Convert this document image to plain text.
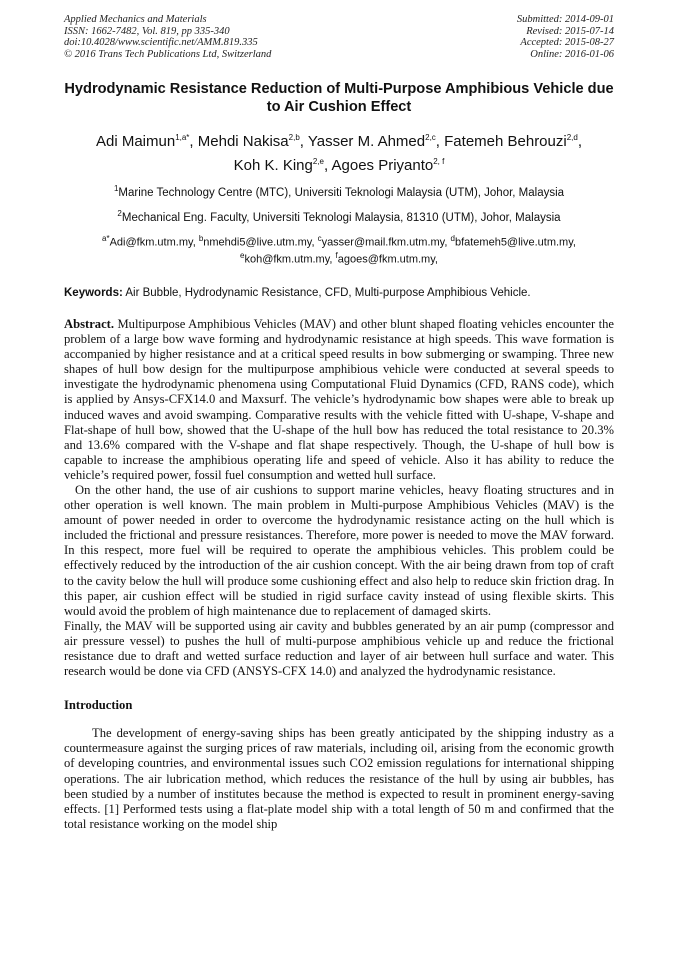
Applied Mechanics and Materials
ISSN: 1662-7482, Vol. 819, pp 335-340
doi:10.4028/www.scientific.net/AMM.819.335
© 2016 Trans Tech Publications Ltd, Switzerland
Submitted: 2014-09-01
Revised: 2015-07-14
Accepted: 2015-08-27
Online: 2016-01-06
Hydrodynamic Resistance Reduction of Multi-Purpose Amphibious Vehicle due to Air Cushion Effect
Adi Maimun$^{1,a*}$, Mehdi Nakisa$^{2,b}$, Yasser M. Ahmed$^{2,c}$, Fatemeh Behrouzi$^{2,d}$,
Koh K. King$^{2,e}$, Agoes Priyanto$^{2, f}$
$^1$Marine Technology Centre (MTC), Universiti Teknologi Malaysia (UTM), Johor, Malaysia
$^2$Mechanical Eng. Faculty, Universiti Teknologi Malaysia, 81310 (UTM), Johor, Malaysia
$^{a*}$Adi@fkm.utm.my, $^b$nmehdi5@live.utm.my, $^c$yasser@mail.fkm.utm.my, $^d$bfatemeh5@live.utm.my,
$^e$koh@fkm.utm.my, $^f$agoes@fkm.utm.my,
Keywords: Air Bubble, Hydrodynamic Resistance, CFD, Multi-purpose Amphibious Vehicle.

Abstract. Multipurpose Amphibious Vehicles (MAV) and other blunt shaped floating vehicles encounter the problem of a large bow wave forming and hydrodynamic resistance at high speeds. This wave formation is accompanied by higher resistance and at a critical speed results in bow submerging or swamping. Three new shapes of hull bow design for the multipurpose amphibious vehicle were conducted at several speeds to investigate the hydrodynamic phenomena using Computational Fluid Dynamics (CFD, RANS code), which is applied by Ansys-CFX14.0 and Maxsurf. The vehicle’s hydrodynamic bow shapes were able to break up induced waves and avoid swamping. Comparative results with the vehicle fitted with U-shape, V-shape and Flat-shape of hull bow, showed that the U-shape of the hull bow has reduced the total resistance to 20.3% and 13.6% compared with the V-shape and flat shape respectively. Though, the U-shape of hull bow is capable to increase the amphibious operating life and speed of vehicle. Also it has ability to reduce the vehicle’s required power, fossil fuel consumption and wetted hull surface.

On the other hand, the use of air cushions to support marine vehicles, heavy floating structures and in other operation is well known. The main problem in Multi-purpose Amphibious Vehicles (MAV) is the amount of power needed in order to overcome the hydrodynamic resistance acting on the hull which is included the frictional and pressure resistances. Therefore, more power is needed to move the MAV forward. In this respect, more fuel will be required to operate the amphibious vehicles. This problem could be effectively reduced by the introduction of the air cushion concept. With the air being drawn from top of craft to the cavity below the hull will produce some cushioning effect and also help to reduce skin friction drag. In this paper, air cushion effect will be studied in rigid surface cavity instead of using flexible skirts. This would avoid the problem of high maintenance due to replacement of damaged skirts.

Finally, the MAV will be supported using air cavity and bubbles generated by an air pump (compressor and air pressure vessel) to pushes the hull of multi-purpose amphibious vehicle up and reduce the frictional resistance due to draft and wetted surface reduction and layer of air between hull surface and water. This research would be done via CFD (ANSYS-CFX 14.0) and analyzed the hydrodynamic resistance.

Introduction

The development of energy-saving ships has been greatly anticipated by the shipping industry as a countermeasure against the surging prices of raw materials, including oil, arising from the economic growth of developing countries, and environmental issues such CO2 emission regulations for international shipping operations. The air lubrication method, which reduces the resistance of the hull by using air bubbles, has been studied by a number of institutes because the method is expected to result in prominent energy-saving effects. [1] Performed tests using a flat-plate model ship with a total length of 50 m and confirmed that the total resistance working on the model ship
